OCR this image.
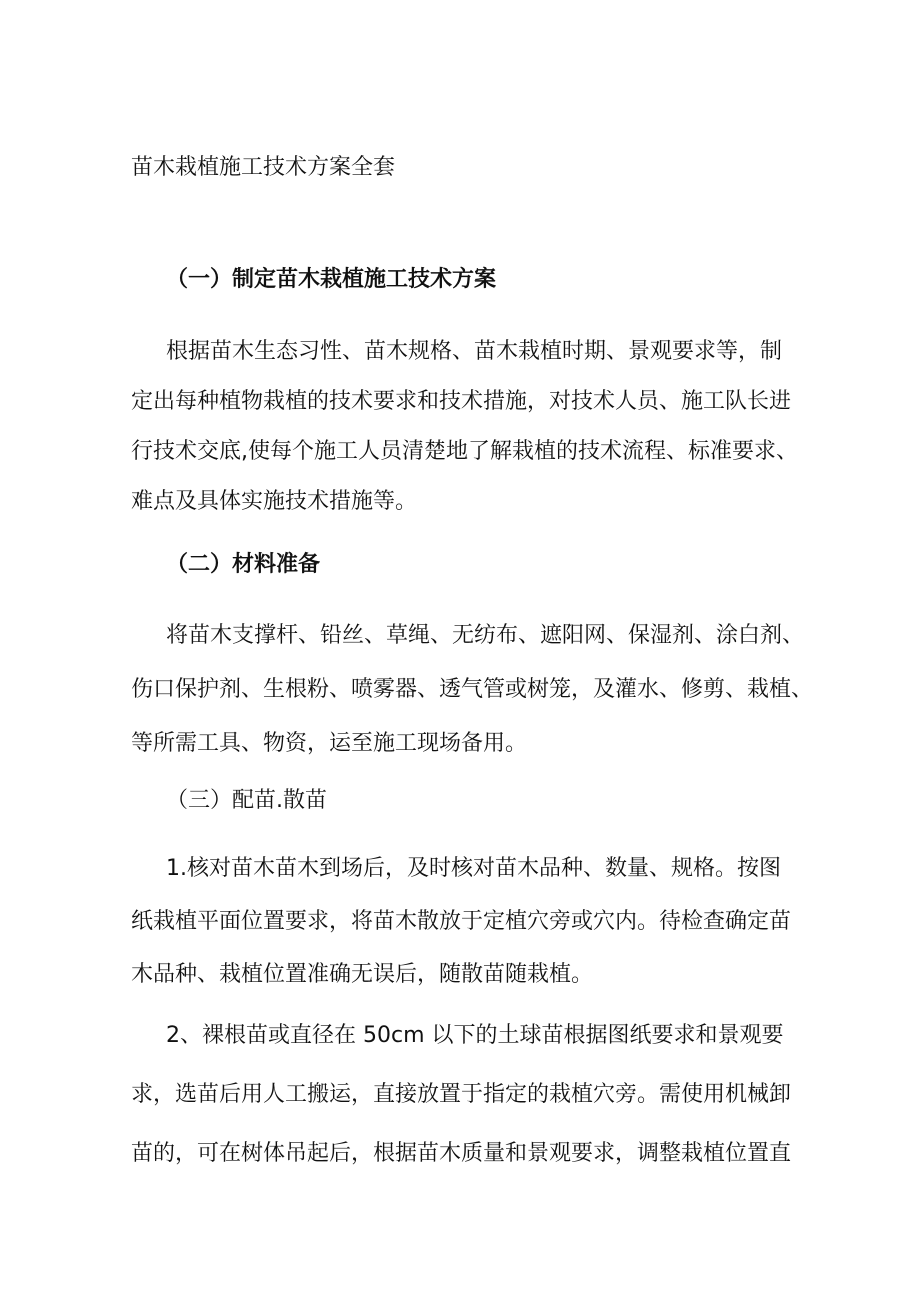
苗木栽植施工技术方案全套
（一）制定苗木栽植施工技术方案
根据苗木生态习性、苗木规格、苗木栽植时期、景观要求等，制
定出每种植物栽植的技术要求和技术措施，对技术人员、施工队长进
行技术交底,使每个施工人员清楚地了解栽植的技术流程、标准要求、
难点及具体实施技术措施等。
（二）材料准备
将苗木支撑杆、铅丝、草绳、无纺布、遮阳网、保湿剂、涂白剂、
伤口保护剂、生根粉、喷雾器、透气管或树笼，及灌水、修剪、栽植、
等所需工具、物资，运至施工现场备用。
（三）配苗.散苗
1.核对苗木苗木到场后，及时核对苗木品种、数量、规格。按图
纸栽植平面位置要求，将苗木散放于定植穴旁或穴内。待检查确定苗
木品种、栽植位置准确无误后，随散苗随栽植。
2、裸根苗或直径在 50cm 以下的土球苗根据图纸要求和景观要
求，选苗后用人工搬运，直接放置于指定的栽植穴旁。需使用机械卸
苗的，可在树体吊起后，根据苗木质量和景观要求，调整栽植位置直
